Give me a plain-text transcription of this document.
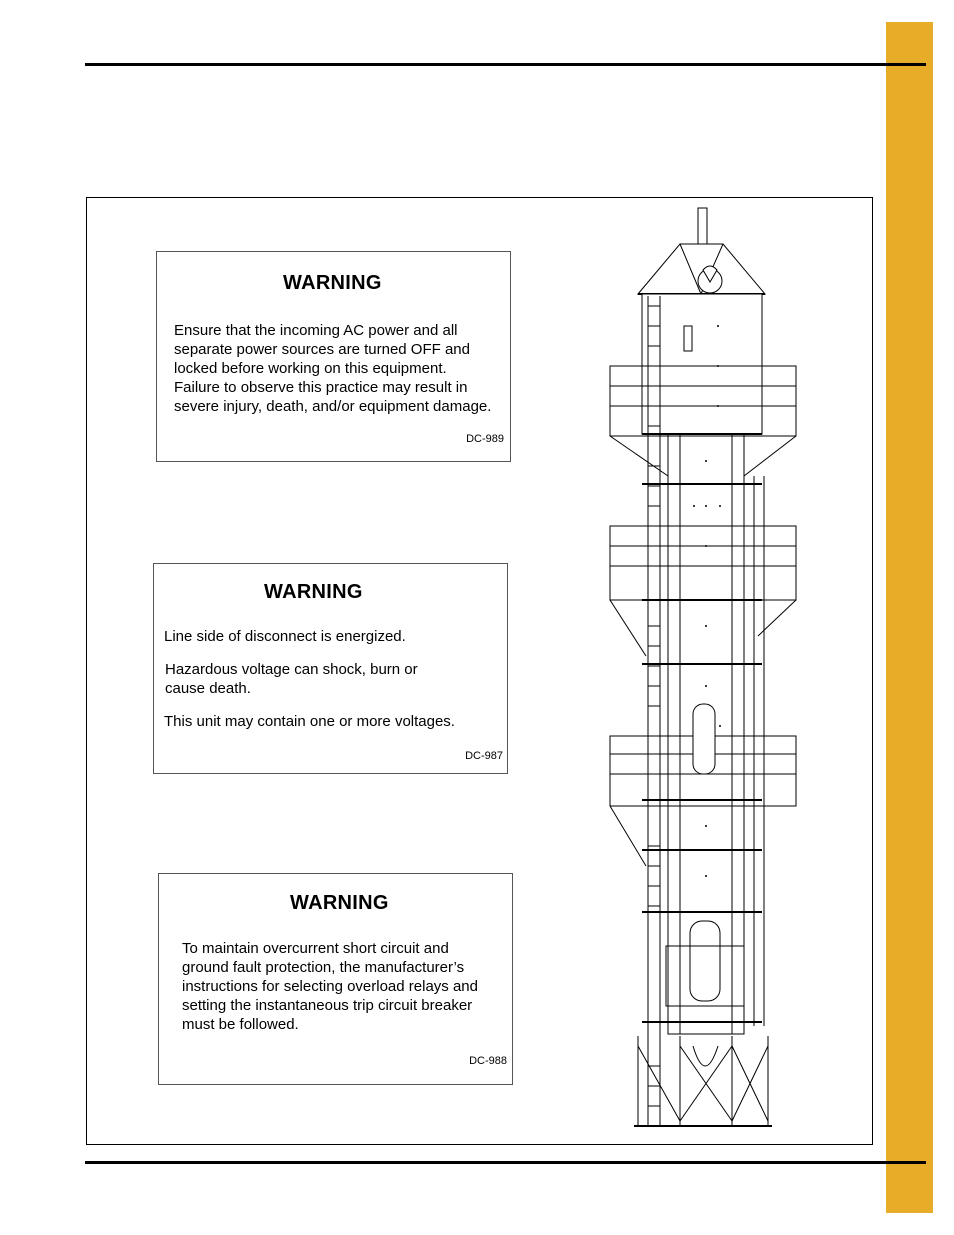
WARNING

Ensure that the incoming AC power and all

separate power sources are turned OFF and

locked before working on this equipment.

Failure to observe this practice may result in

severe injury, death, and/or equipment damage.

DC-989
WARNING

Line side of disconnect is energized.

Hazardous voltage can shock, burn or

cause death.

This unit may contain one or more voltages.

DC-987
WARNING

To maintain overcurrent short circuit and

ground fault protection, the manufacturer’s

instructions for selecting overload relays and

setting the instantaneous trip circuit breaker

must be followed.

DC-988
